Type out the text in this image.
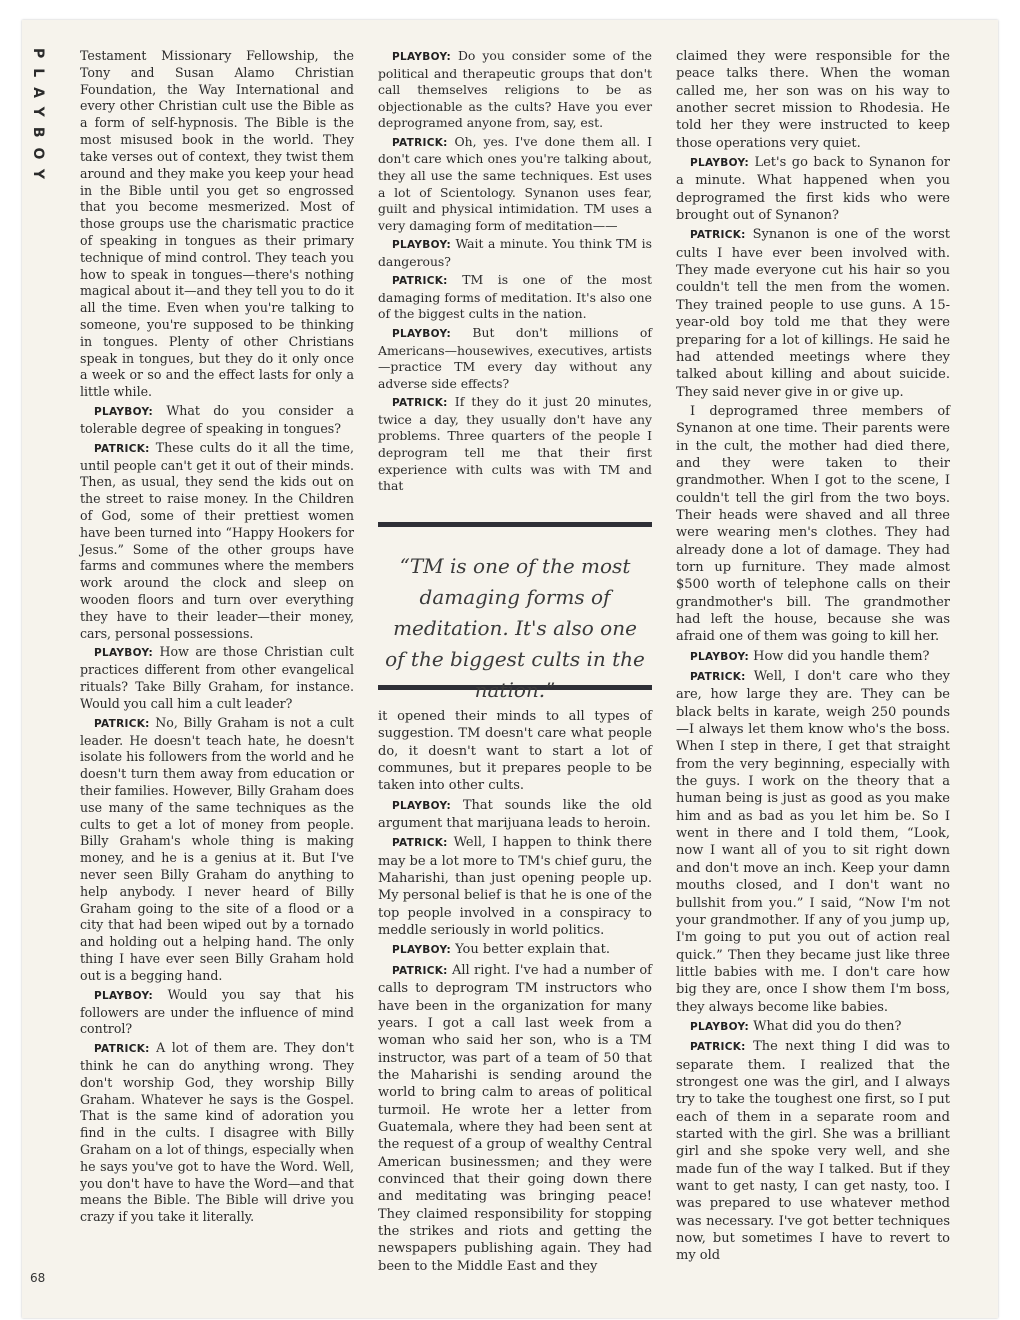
PLAYBOY	Testament Missionary Fellowship, the Tony and Susan Alamo Christian Foundation, the Way International and every other Christian cult use the Bible as a form of self-hypnosis. The Bible is the most misused book in the world. They take verses out of context, they twist them around and they make you keep your head in the Bible until you get so engrossed that you become mesmerized. Most of those groups use the charismatic practice of speaking in tongues as their primary technique of mind control. They teach you how to speak in tongues—there's nothing magical about it—and they tell you to do it all the time. Even when you're talking to someone, you're supposed to be thinking in tongues. Plenty of other Christians speak in tongues, but they do it only once a week or so and the effect lasts for only a little while.

PLAYBOY: What do you consider a tolerable degree of speaking in tongues?

PATRICK: These cults do it all the time, until people can't get it out of their minds. Then, as usual, they send the kids out on the street to raise money. In the Children of God, some of their prettiest women have been turned into “Happy Hookers for Jesus.” Some of the other groups have farms and communes where the members work around the clock and sleep on wooden floors and turn over everything they have to their leader—their money, cars, personal possessions.

PLAYBOY: How are those Christian cult practices different from other evangelical rituals? Take Billy Graham, for instance. Would you call him a cult leader?

PATRICK: No, Billy Graham is not a cult leader. He doesn't teach hate, he doesn't isolate his followers from the world and he doesn't turn them away from education or their families. However, Billy Graham does use many of the same techniques as the cults to get a lot of money from people. Billy Graham's whole thing is making money, and he is a genius at it. But I've never seen Billy Graham do anything to help anybody. I never heard of Billy Graham going to the site of a flood or a city that had been wiped out by a tornado and holding out a helping hand. The only thing I have ever seen Billy Graham hold out is a begging hand.

PLAYBOY: Would you say that his followers are under the influence of mind control?

PATRICK: A lot of them are. They don't think he can do anything wrong. They don't worship God, they worship Billy Graham. Whatever he says is the Gospel. That is the same kind of adoration you find in the cults. I disagree with Billy Graham on a lot of things, especially when he says you've got to have the Word. Well, you don't have to have the Word—and that means the Bible. The Bible will drive you crazy if you take it literally.

PLAYBOY: Do you consider some of the political and therapeutic groups that don't call themselves religions to be as objectionable as the cults? Have you ever deprogramed anyone from, say, est.

PATRICK: Oh, yes. I've done them all. I don't care which ones you're talking about, they all use the same techniques. Est uses a lot of Scientology. Synanon uses fear, guilt and physical intimidation. TM uses a very damaging form of meditation——

PLAYBOY: Wait a minute. You think TM is dangerous?

PATRICK: TM is one of the most damaging forms of meditation. It's also one of the biggest cults in the nation.

PLAYBOY: But don't millions of Americans—housewives, executives, artists—practice TM every day without any adverse side effects?

PATRICK: If they do it just 20 minutes, twice a day, they usually don't have any problems. Three quarters of the people I deprogram tell me that their first experience with cults was with TM and that

“TM is one of the most damaging forms of meditation. It's also one of the biggest cults in the nation.”

it opened their minds to all types of suggestion. TM doesn't care what people do, it doesn't want to start a lot of communes, but it prepares people to be taken into other cults.

PLAYBOY: That sounds like the old argument that marijuana leads to heroin.

PATRICK: Well, I happen to think there may be a lot more to TM's chief guru, the Maharishi, than just opening people up. My personal belief is that he is one of the top people involved in a conspiracy to meddle seriously in world politics.

PLAYBOY: You better explain that.

PATRICK: All right. I've had a number of calls to deprogram TM instructors who have been in the organization for many years. I got a call last week from a woman who said her son, who is a TM instructor, was part of a team of 50 that the Maharishi is sending around the world to bring calm to areas of political turmoil. He wrote her a letter from Guatemala, where they had been sent at the request of a group of wealthy Central American businessmen; and they were convinced that their going down there and meditating was bringing peace! They claimed responsibility for stopping the strikes and riots and getting the newspapers publishing again. They had been to the Middle East and they

claimed they were responsible for the peace talks there. When the woman called me, her son was on his way to another secret mission to Rhodesia. He told her they were instructed to keep those operations very quiet.

PLAYBOY: Let's go back to Synanon for a minute. What happened when you deprogramed the first kids who were brought out of Synanon?

PATRICK: Synanon is one of the worst cults I have ever been involved with. They made everyone cut his hair so you couldn't tell the men from the women. They trained people to use guns. A 15-year-old boy told me that they were preparing for a lot of killings. He said he had attended meetings where they talked about killing and about suicide. They said never give in or give up.

I deprogramed three members of Synanon at one time. Their parents were in the cult, the mother had died there, and they were taken to their grandmother. When I got to the scene, I couldn't tell the girl from the two boys. Their heads were shaved and all three were wearing men's clothes. They had already done a lot of damage. They had torn up furniture. They made almost $500 worth of telephone calls on their grandmother's bill. The grandmother had left the house, because she was afraid one of them was going to kill her.

PLAYBOY: How did you handle them?

PATRICK: Well, I don't care who they are, how large they are. They can be black belts in karate, weigh 250 pounds—I always let them know who's the boss. When I step in there, I get that straight from the very beginning, especially with the guys. I work on the theory that a human being is just as good as you make him and as bad as you let him be. So I went in there and I told them, “Look, now I want all of you to sit right down and don't move an inch. Keep your damn mouths closed, and I don't want no bullshit from you.” I said, “Now I'm not your grandmother. If any of you jump up, I'm going to put you out of action real quick.” Then they became just like three little babies with me. I don't care how big they are, once I show them I'm boss, they always become like babies.

PLAYBOY: What did you do then?

PATRICK: The next thing I did was to separate them. I realized that the strongest one was the girl, and I always try to take the toughest one first, so I put each of them in a separate room and started with the girl. She was a brilliant girl and she spoke very well, and she made fun of the way I talked. But if they want to get nasty, I can get nasty, too. I was prepared to use whatever method was necessary. I've got better techniques now, but sometimes I have to revert to my old

68
